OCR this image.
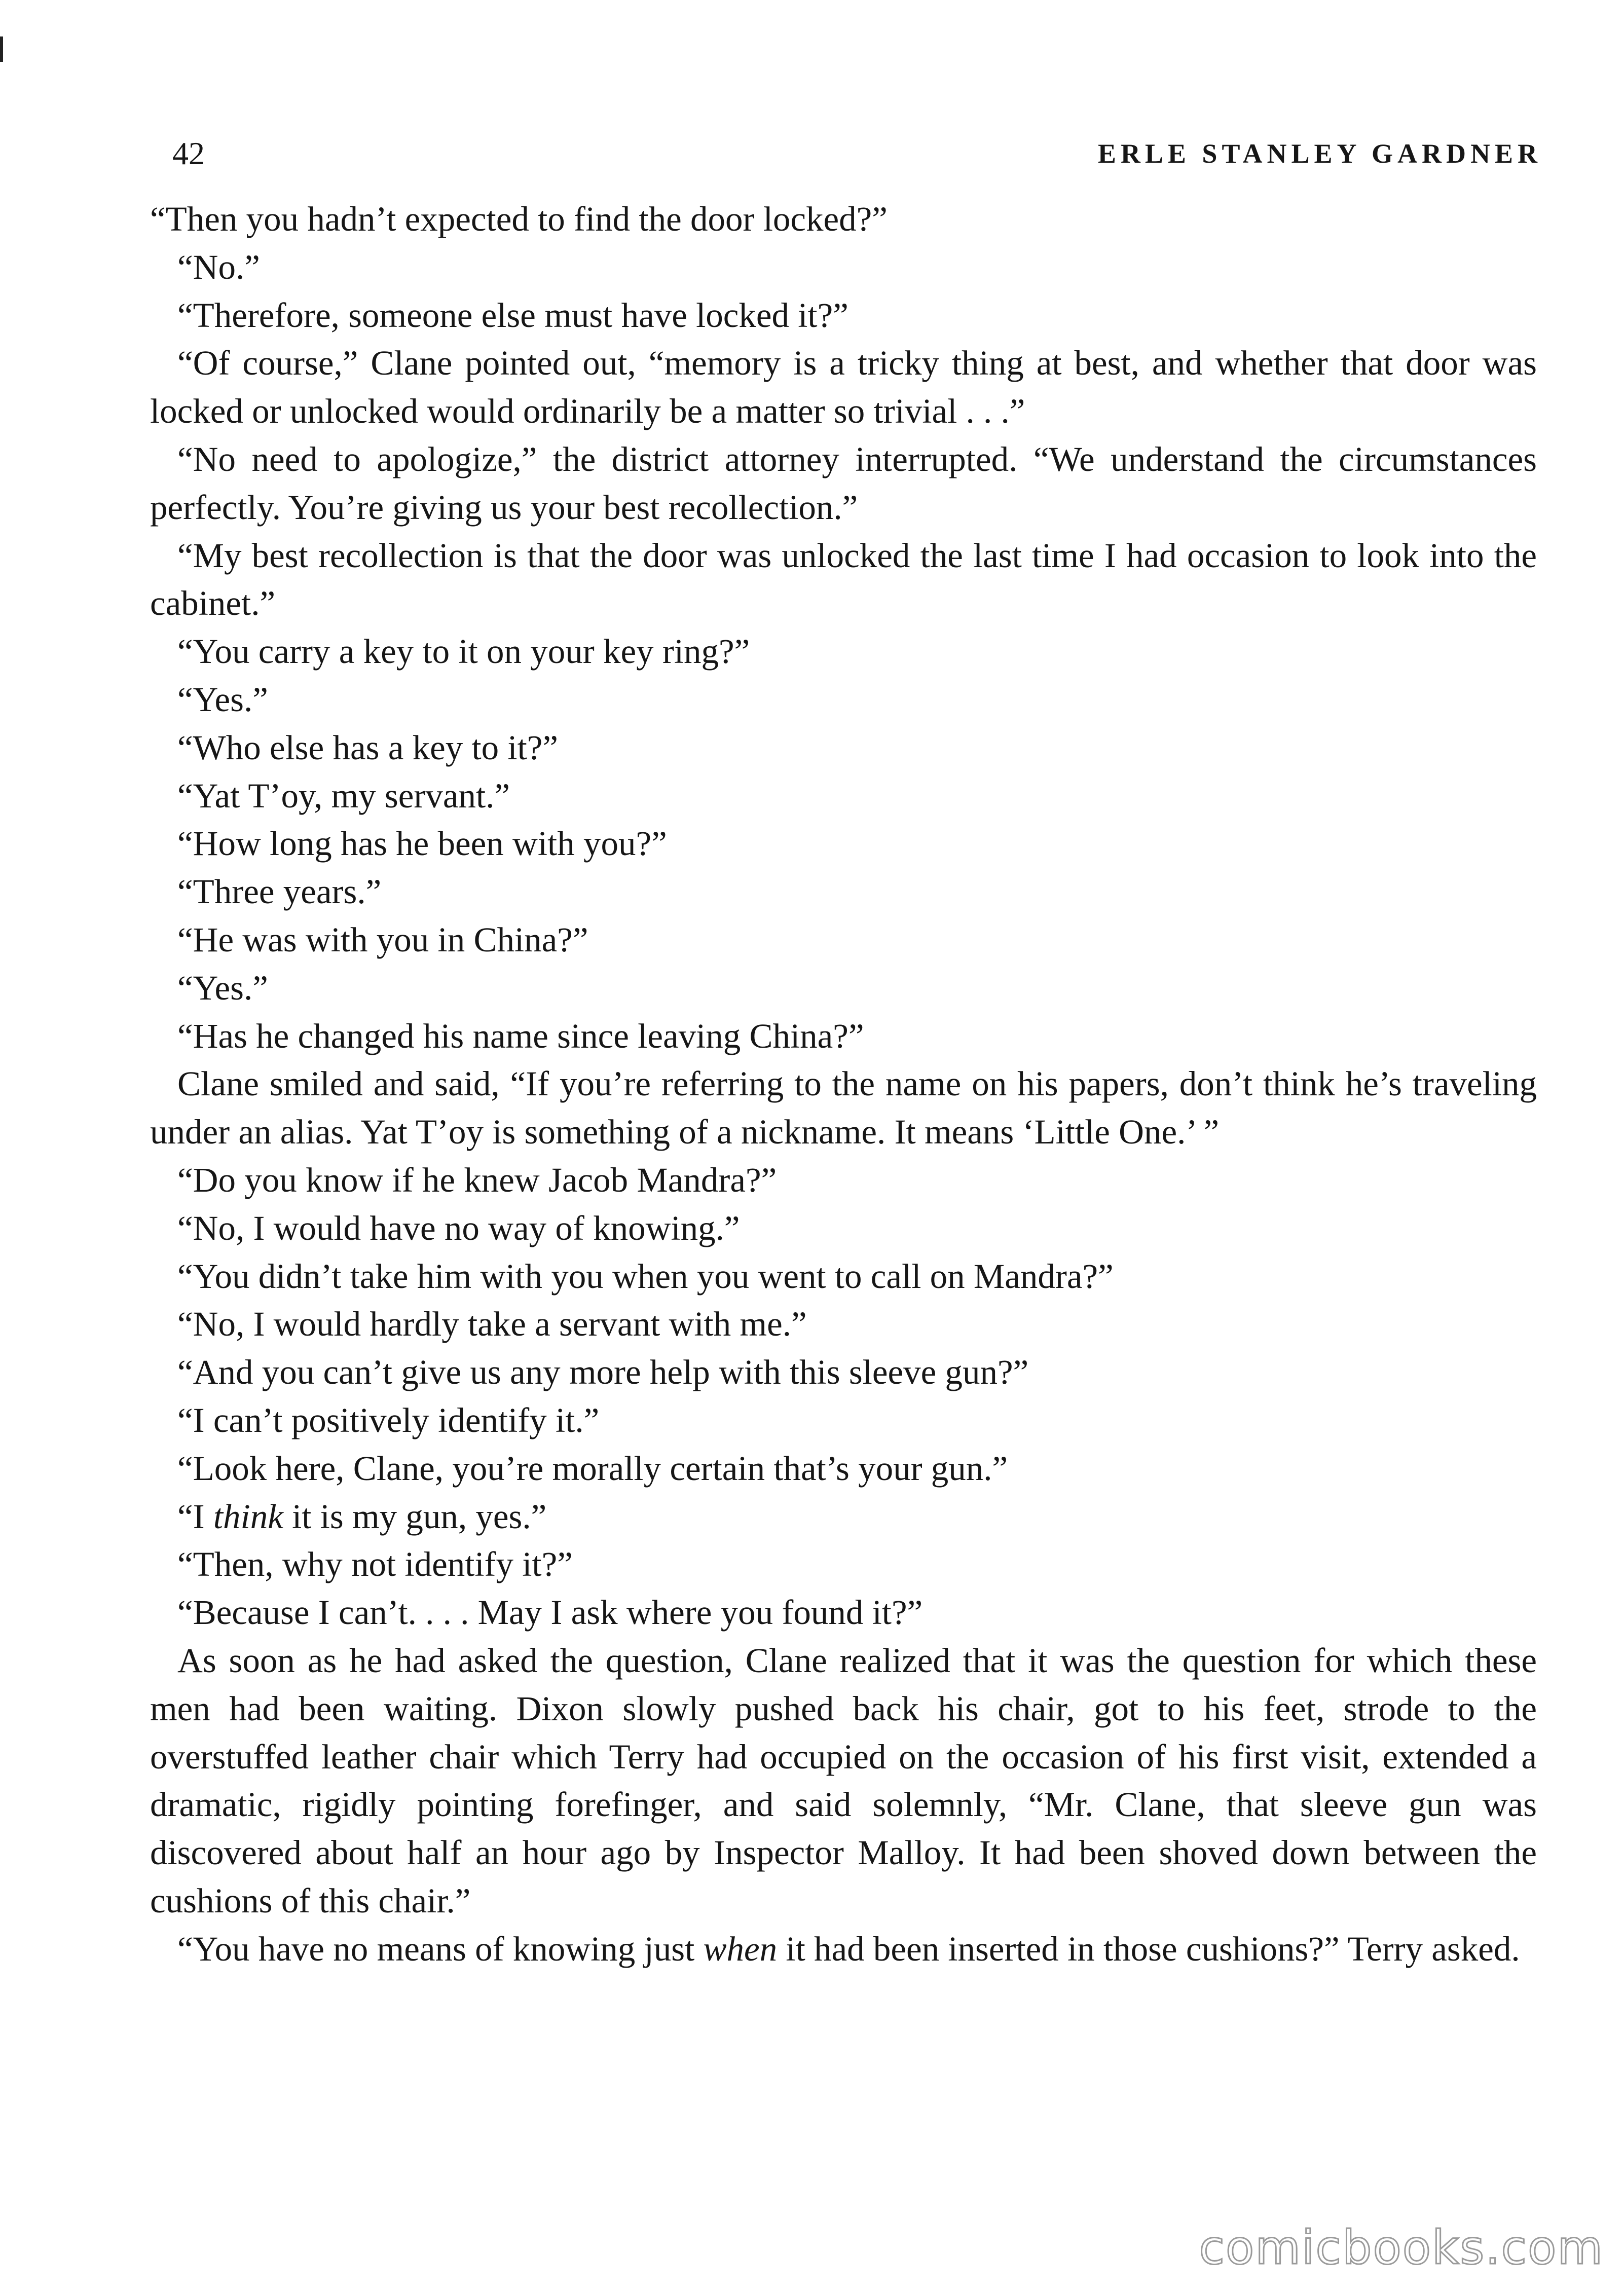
42	ERLE STANLEY GARDNER

“Then you hadn’t expected to find the door locked?”

“No.”

“Therefore, someone else must have locked it?”

“Of course,” Clane pointed out, “memory is a tricky thing at best, and whether that door was locked or unlocked would ordinarily be a matter so trivial . . .”

“No need to apologize,” the district attorney interrupted. “We understand the circumstances perfectly. You’re giving us your best recollection.”

“My best recollection is that the door was unlocked the last time I had occasion to look into the cabinet.”

“You carry a key to it on your key ring?”

“Yes.”

“Who else has a key to it?”

“Yat T’oy, my servant.”

“How long has he been with you?”

“Three years.”

“He was with you in China?”

“Yes.”

“Has he changed his name since leaving China?”

Clane smiled and said, “If you’re referring to the name on his papers, don’t think he’s traveling under an alias. Yat T’oy is something of a nickname. It means ‘Little One.’ ”

“Do you know if he knew Jacob Mandra?”

“No, I would have no way of knowing.”

“You didn’t take him with you when you went to call on Mandra?”

“No, I would hardly take a servant with me.”

“And you can’t give us any more help with this sleeve gun?”

“I can’t positively identify it.”

“Look here, Clane, you’re morally certain that’s your gun.”

“I think it is my gun, yes.”

“Then, why not identify it?”

“Because I can’t. . . . May I ask where you found it?”

As soon as he had asked the question, Clane realized that it was the question for which these men had been waiting. Dixon slowly pushed back his chair, got to his feet, strode to the overstuffed leather chair which Terry had occupied on the occasion of his first visit, extended a dramatic, rigidly pointing forefinger, and said solemnly, “Mr. Clane, that sleeve gun was discovered about half an hour ago by Inspector Malloy. It had been shoved down between the cushions of this chair.”

“You have no means of knowing just when it had been inserted in those cushions?” Terry asked.

comicbooks.com
